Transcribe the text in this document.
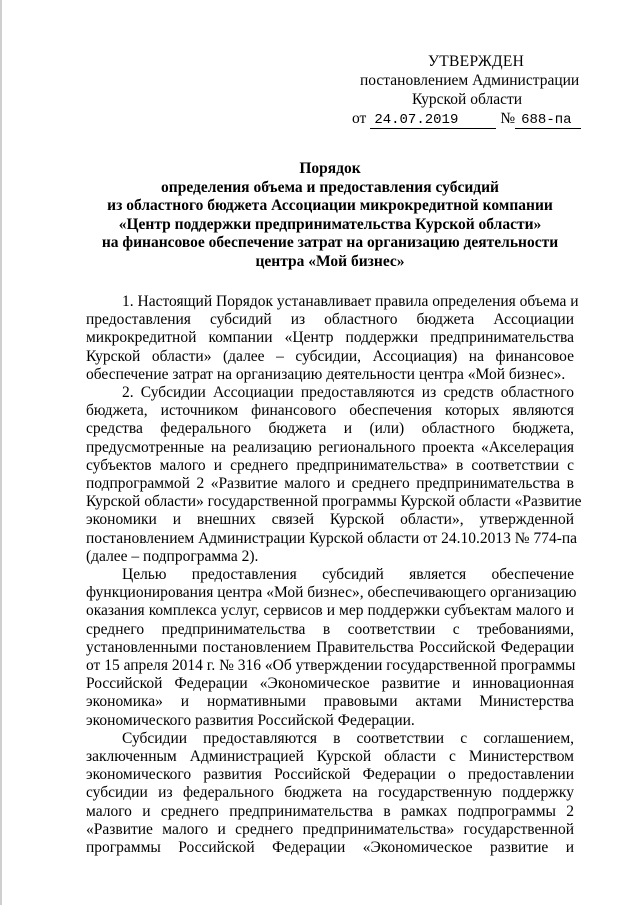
УТВЕРЖДЕН
постановлением Администрации
Курской области
от 24.07.2019	№ 688-па
Порядок
определения объема и предоставления субсидий
из областного бюджета Ассоциации микрокредитной компании
«Центр поддержки предпринимательства Курской области»
на финансовое обеспечение затрат на организацию деятельности
центра «Мой бизнес»

1. Настоящий Порядок устанавливает правила определения объема и
предоставления субсидий из областного бюджета Ассоциации
микрокредитной компании «Центр поддержки предпринимательства
Курской области» (далее – субсидии, Ассоциация) на финансовое
обеспечение затрат на организацию деятельности центра «Мой бизнес».

2. Субсидии Ассоциации предоставляются из средств областного
бюджета, источником финансового обеспечения которых являются
средства федерального бюджета и (или) областного бюджета,
предусмотренные на реализацию регионального проекта «Акселерация
субъектов малого и среднего предпринимательства» в соответствии с
подпрограммой 2 «Развитие малого и среднего предпринимательства в
Курской области» государственной программы Курской области «Развитие
экономики и внешних связей Курской области», утвержденной
постановлением Администрации Курской области от 24.10.2013 № 774-па
(далее – подпрограмма 2).

Целью предоставления субсидий является обеспечение
функционирования центра «Мой бизнес», обеспечивающего организацию
оказания комплекса услуг, сервисов и мер поддержки субъектам малого и
среднего предпринимательства в соответствии с требованиями,
установленными постановлением Правительства Российской Федерации
от 15 апреля 2014 г. № 316 «Об утверждении государственной программы
Российской Федерации «Экономическое развитие и инновационная
экономика» и нормативными правовыми актами Министерства
экономического развития Российской Федерации.

Субсидии предоставляются в соответствии с соглашением,
заключенным Администрацией Курской области с Министерством
экономического развития Российской Федерации о предоставлении
субсидии из федерального бюджета на государственную поддержку
малого и среднего предпринимательства в рамках подпрограммы 2
«Развитие малого и среднего предпринимательства» государственной
программы Российской Федерации «Экономическое развитие и
